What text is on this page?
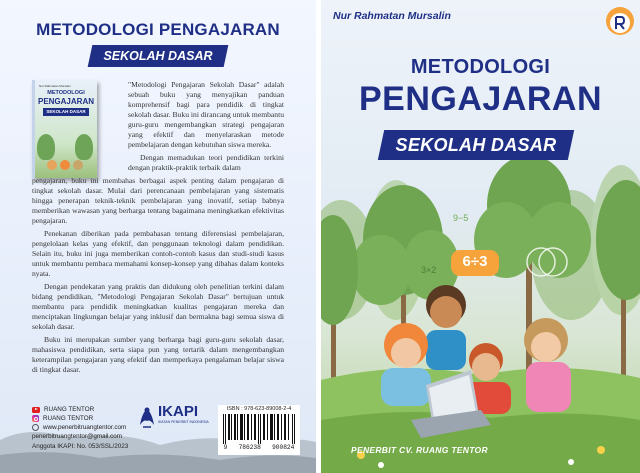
METODOLOGI PENGAJARAN
SEKOLAH DASAR
Nur Rahmatan Mursalin
METODOLOGI
PENGAJARAN
SEKOLAH DASAR

"Metodologi Pengajaran Sekolah Dasar" adalah sebuah buku yang menyajikan panduan komprehensif bagi para pendidik di tingkat sekolah dasar. Buku ini dirancang untuk membantu guru-guru mengembangkan strategi pengajaran yang efektif dan menyelaraskan metode pembelajaran dengan kebutuhan siswa mereka.

Dengan memadukan teori pendidikan terkini dengan praktik-praktik terbaik dalam

pengajaran, buku ini membahas berbagai aspek penting dalam pengajaran di tingkat sekolah dasar. Mulai dari perencanaan pembelajaran yang sistematis hingga penerapan teknik-teknik pembelajaran yang inovatif, setiap babnya memberikan wawasan yang berharga tentang bagaimana meningkatkan efektivitas pengajaran.

Penekanan diberikan pada pembahasan tentang diferensiasi pembelajaran, pengelolaan kelas yang efektif, dan penggunaan teknologi dalam pendidikan. Selain itu, buku ini juga memberikan contoh-contoh kasus dan studi-studi kasus untuk membantu pembaca memahami konsep-konsep yang dibahas dalam konteks nyata.

Dengan pendekatan yang praktis dan didukung oleh penelitian terkini dalam bidang pendidikan, "Metodologi Pengajaran Sekolah Dasar" bertujuan untuk membantu para pendidik meningkatkan kualitas pengajaran mereka dan menciptakan lingkungan belajar yang inklusif dan bermakna bagi semua siswa di sekolah dasar.

Buku ini merupakan sumber yang berharga bagi guru-guru sekolah dasar, mahasiswa pendidikan, serta siapa pun yang tertarik dalam mengembangkan keterampilan pengajaran yang efektif dan memperkaya pengalaman belajar siswa di tingkat dasar.

RUANG TENTOR
RUANG TENTOR
www.penerbitruangtentor.com
penerbitruangtentor@gmail.com
Anggota IKAPI: No. 053/SSL/2023
IKAPI
IKATAN PENERBIT INDONESIA
ISBN : 978-623-89008-2-4
9 786238 900824
6÷3
9−5
3×2
Nur Rahmatan Mursalin
METODOLOGI
PENGAJARAN
SEKOLAH DASAR
PENERBIT CV. RUANG TENTOR
